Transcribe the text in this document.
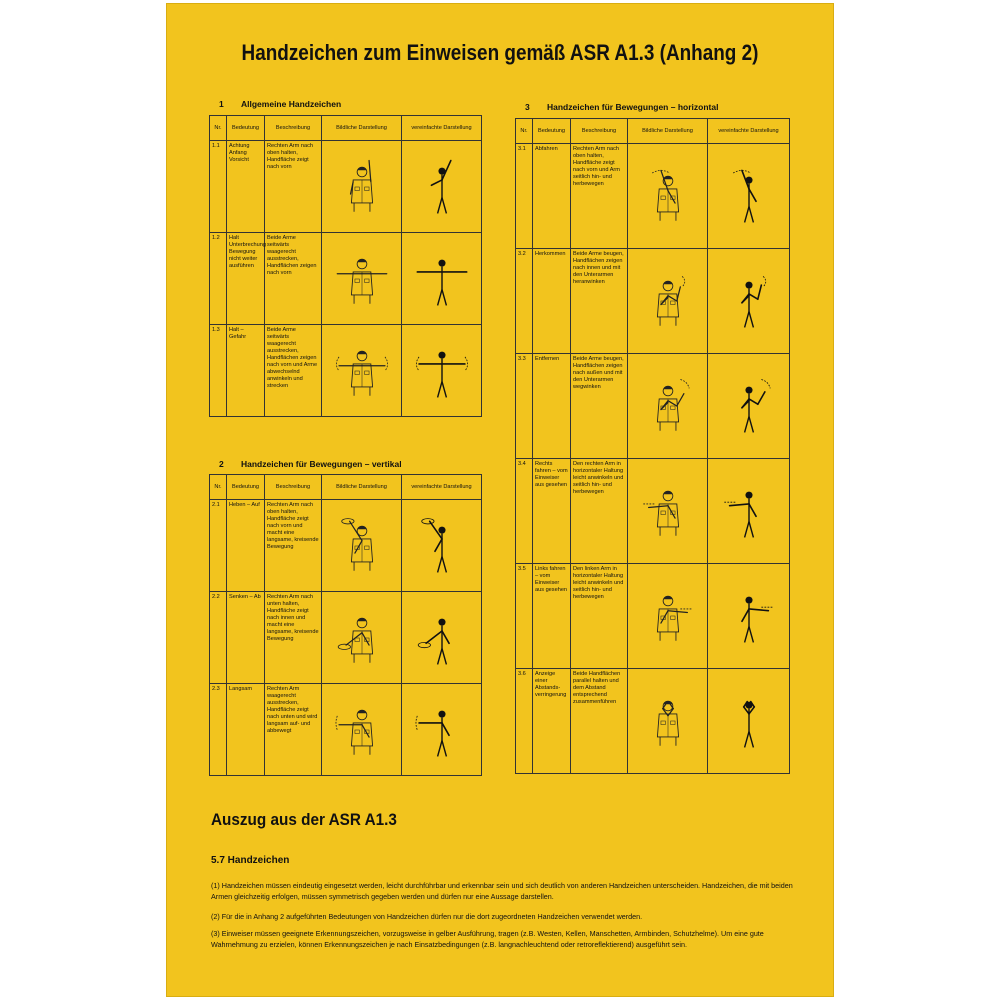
Handzeichen zum Einweisen gemäß ASR A1.3 (Anhang 2)
1 Allgemeine Handzeichen
Nr.	Bedeutung	Beschreibung	Bildliche Darstellung	vereinfachte Darstellung
1.1	Achtung Anfang Vorsicht	Rechten Arm nach oben halten, Handfläche zeigt nach vorn	

1.2	Halt Unterbrechung Bewegung nicht weiter ausführen	Beide Arme seitwärts waagerecht ausstrecken, Handflächen zeigen nach vorn	

1.3	Halt – Gefahr	Beide Arme seitwärts waagerecht ausstrecken, Handflächen zeigen nach vorn und Arme abwechselnd anwinkeln und strecken	

2 Handzeichen für Bewegungen – vertikal
Nr.	Bedeutung	Beschreibung	Bildliche Darstellung	vereinfachte Darstellung
2.1	Heben – Auf	Rechten Arm nach oben halten, Handfläche zeigt nach vorn und macht eine langsame, kreisende Bewegung	

2.2	Senken – Ab	Rechten Arm nach unten halten, Handfläche zeigt nach innen und macht eine langsame, kreisende Bewegung	

2.3	Langsam	Rechten Arm waagerecht ausstrecken, Handfläche zeigt nach unten und wird langsam auf- und abbewegt	

3 Handzeichen für Bewegungen – horizontal
Nr.	Bedeutung	Beschreibung	Bildliche Darstellung	vereinfachte Darstellung
3.1	Abfahren	Rechten Arm nach oben halten, Handfläche zeigt nach vorn und Arm seitlich hin- und herbewegen	

3.2	Herkommen	Beide Arme beugen, Handflächen zeigen nach innen und mit den Unterarmen heranwinken	

3.3	Entfernen	Beide Arme beugen, Handflächen zeigen nach außen und mit den Unterarmen wegwinken	

3.4	Rechts fahren – vom Einweiser aus gesehen	Den rechten Arm in horizontaler Haltung leicht anwinkeln und seitlich hin- und herbewegen	

3.5	Links fahren – vom Einweiser aus gesehen	Den linken Arm in horizontaler Haltung leicht anwinkeln und seitlich hin- und herbewegen	

3.6	Anzeige einer Abstands-verringerung	Beide Handflächen parallel halten und dem Abstand entsprechend zusammenführen	

Auszug aus der ASR A1.3
5.7 Handzeichen
(1) Handzeichen müssen eindeutig eingesetzt werden, leicht durchführbar und erkennbar sein und sich deutlich von anderen Handzeichen unterscheiden. Handzeichen, die mit beiden Armen gleichzeitig erfolgen, müssen symmetrisch gegeben werden und dürfen nur eine Aussage darstellen.
(2) Für die in Anhang 2 aufgeführten Bedeutungen von Handzeichen dürfen nur die dort zugeordneten Handzeichen verwendet werden.
(3) Einweiser müssen geeignete Erkennungszeichen, vorzugsweise in gelber Ausführung, tragen (z.B. Westen, Kellen, Manschetten, Armbinden, Schutzhelme). Um eine gute Wahrnehmung zu erzielen, können Erkennungszeichen je nach Einsatzbedingungen (z.B. langnachleuchtend oder retroreflektierend) ausgeführt sein.
